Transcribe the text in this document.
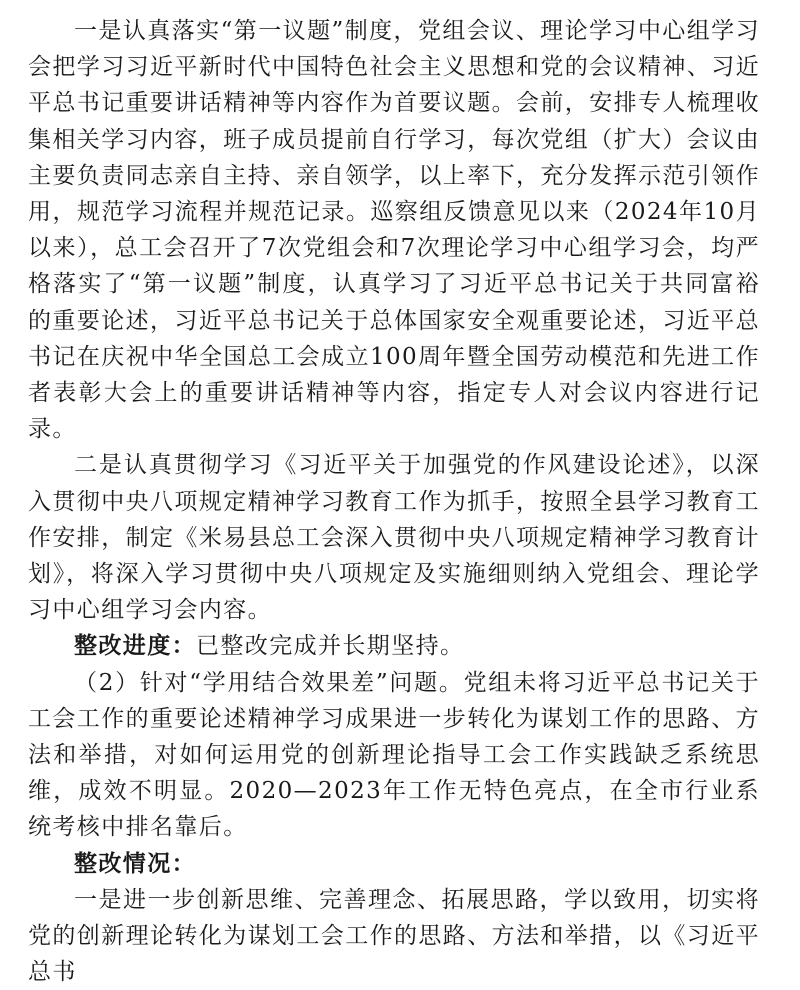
一是认真落实“第一议题”制度，党组会议、理论学习中心组学习会把学习习近平新时代中国特色社会主义思想和党的会议精神、习近平总书记重要讲话精神等内容作为首要议题。会前，安排专人梳理收集相关学习内容，班子成员提前自行学习，每次党组（扩大）会议由主要负责同志亲自主持、亲自领学，以上率下，充分发挥示范引领作用，规范学习流程并规范记录。巡察组反馈意见以来（2024年10月以来），总工会召开了7次党组会和7次理论学习中心组学习会，均严格落实了“第一议题”制度，认真学习了习近平总书记关于共同富裕的重要论述，习近平总书记关于总体国家安全观重要论述，习近平总书记在庆祝中华全国总工会成立100周年暨全国劳动模范和先进工作者表彰大会上的重要讲话精神等内容，指定专人对会议内容进行记录。

二是认真贯彻学习《习近平关于加强党的作风建设论述》，以深入贯彻中央八项规定精神学习教育工作为抓手，按照全县学习教育工作安排，制定《米易县总工会深入贯彻中央八项规定精神学习教育计划》，将深入学习贯彻中央八项规定及实施细则纳入党组会、理论学习中心组学习会内容。

整改进度：已整改完成并长期坚持。

（2）针对“学用结合效果差”问题。党组未将习近平总书记关于工会工作的重要论述精神学习成果进一步转化为谋划工作的思路、方法和举措，对如何运用党的创新理论指导工会工作实践缺乏系统思维，成效不明显。2020—2023年工作无特色亮点，在全市行业系统考核中排名靠后。

整改情况：

一是进一步创新思维、完善理念、拓展思路，学以致用，切实将党的创新理论转化为谋划工会工作的思路、方法和举措，以《习近平总书
